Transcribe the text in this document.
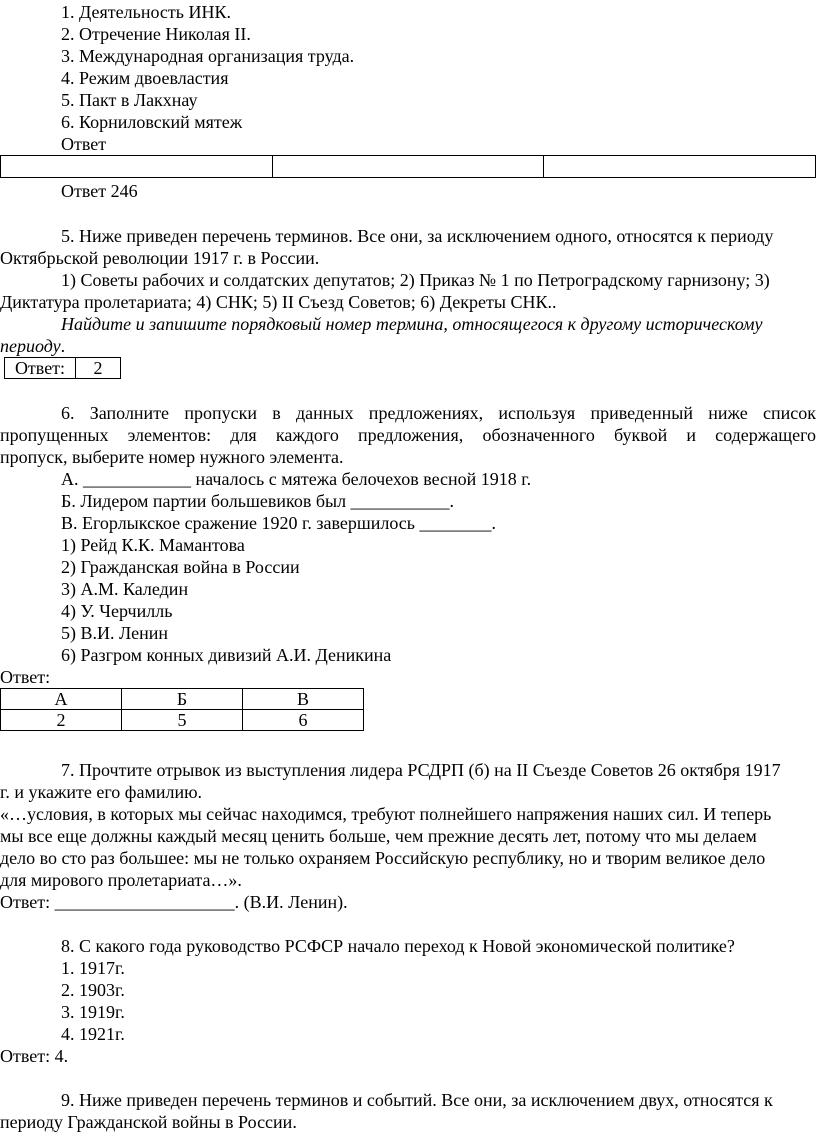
1. Деятельность ИНК.

2. Отречение Николая II.

3. Международная организация труда.

4. Режим двоевластия

5. Пакт в Лакхнау

6. Корниловский мятеж

Ответ

Ответ 246

5. Ниже приведен перечень терминов. Все они, за исключением одного, относятся к периоду

Октябрьской революции 1917 г. в России.

1) Советы рабочих и солдатских депутатов; 2) Приказ № 1 по Петроградскому гарнизону; 3)

Диктатура пролетариата; 4) СНК; 5) II Съезд Советов; 6) Декреты СНК..

Найдите и запишите порядковый номер термина, относящегося к другому историческому

периоду.

Ответ:	2

6. Заполните пропуски в данных предложениях, используя приведенный ниже список

пропущенных элементов: для каждого предложения, обозначенного буквой и содержащего

пропуск, выберите номер нужного элемента.

А. ____________ началось с мятежа белочехов весной 1918 г.

Б. Лидером партии большевиков был ___________.

В. Егорлыкское сражение 1920 г. завершилось ________.

1) Рейд К.К. Мамантова

2) Гражданская война в России

3) А.М. Каледин

4) У. Черчилль

5) В.И. Ленин

6) Разгром конных дивизий А.И. Деникина

Ответ:

А	Б	В
2	5	6

7. Прочтите отрывок из выступления лидера РСДРП (б) на II Съезде Советов 26 октября 1917

г. и укажите его фамилию.

«…условия, в которых мы сейчас находимся, требуют полнейшего напряжения наших сил. И теперь

мы все еще должны каждый месяц ценить больше, чем прежние десять лет, потому что мы делаем

дело во сто раз большее: мы не только охраняем Российскую республику, но и творим великое дело

для мирового пролетариата…».

Ответ: ____________________. (В.И. Ленин).

8. С какого года руководство РСФСР начало переход к Новой экономической политике?

1. 1917г.

2. 1903г.

3. 1919г.

4. 1921г.

Ответ: 4.

9. Ниже приведен перечень терминов и событий. Все они, за исключением двух, относятся к

периоду Гражданской войны в России.
